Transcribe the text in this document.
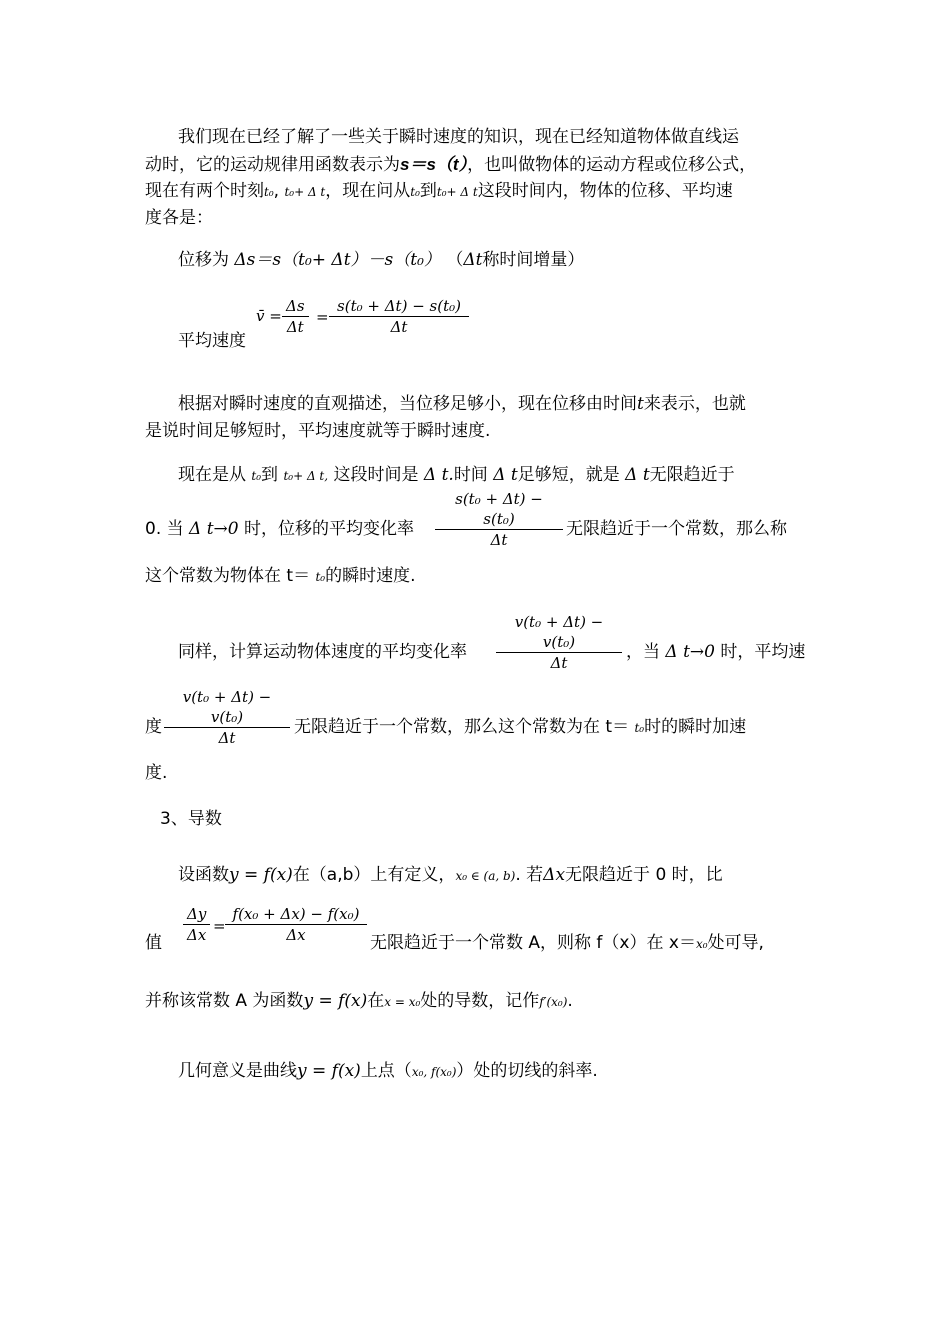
我们现在已经了解了一些关于瞬时速度的知识，现在已经知道物体做直线运
动时，它的运动规律用函数表示为s＝s（t），也叫做物体的运动方程或位移公式，
现在有两个时刻t₀, t₀+ Δ t，现在问从t₀到t₀+ Δ t这段时间内，物体的位移、平均速
度各是：
位移为 Δs＝s（t₀+ Δt）－s（t₀） （Δt称时间增量）
平均速度
v̄ = $\frac{\Delta s}{\Delta t} = \frac{\text{s(t₀ + Δt) − s(t₀)}}{\Delta t}$
根据对瞬时速度的直观描述，当位移足够小，现在位移由时间t来表示，也就
是说时间足够短时，平均速度就等于瞬时速度.
现在是从 t₀到 t₀+ Δ t, 这段时间是 Δ t.时间 Δ t足够短，就是 Δ t无限趋近于
0. 当 Δ t→0 时，位移的平均变化率 $\frac{\text{s(t₀ + Δt) − s(t₀)}}{\Delta t}$ 无限趋近于一个常数，那么称
这个常数为物体在 t＝ t₀的瞬时速度.
同样，计算运动物体速度的平均变化率 $\frac{\text{v(t₀ + Δt) − v(t₀)}}{\Delta t}$ ，当 Δ t→0 时，平均速
度 $\frac{\text{v(t₀ + Δt) − v(t₀)}}{\Delta t}$ 无限趋近于一个常数，那么这个常数为在 t＝ t₀时的瞬时加速
度.
3、导数
设函数y = f(x)在（a,b）上有定义，x₀ ∈ (a, b). 若Δx无限趋近于 0 时，比
值 $\frac{\Delta y}{\Delta x} = \frac{\text{f(x₀ + Δx) − f(x₀)}}{\Delta x}$ 无限趋近于一个常数 A，则称 f（x）在 x＝x₀处可导,
并称该常数 A 为函数y = f(x)在x = x₀处的导数，记作f′(x₀).
几何意义是曲线y = f(x)上点（x₀, f(x₀)）处的切线的斜率.
